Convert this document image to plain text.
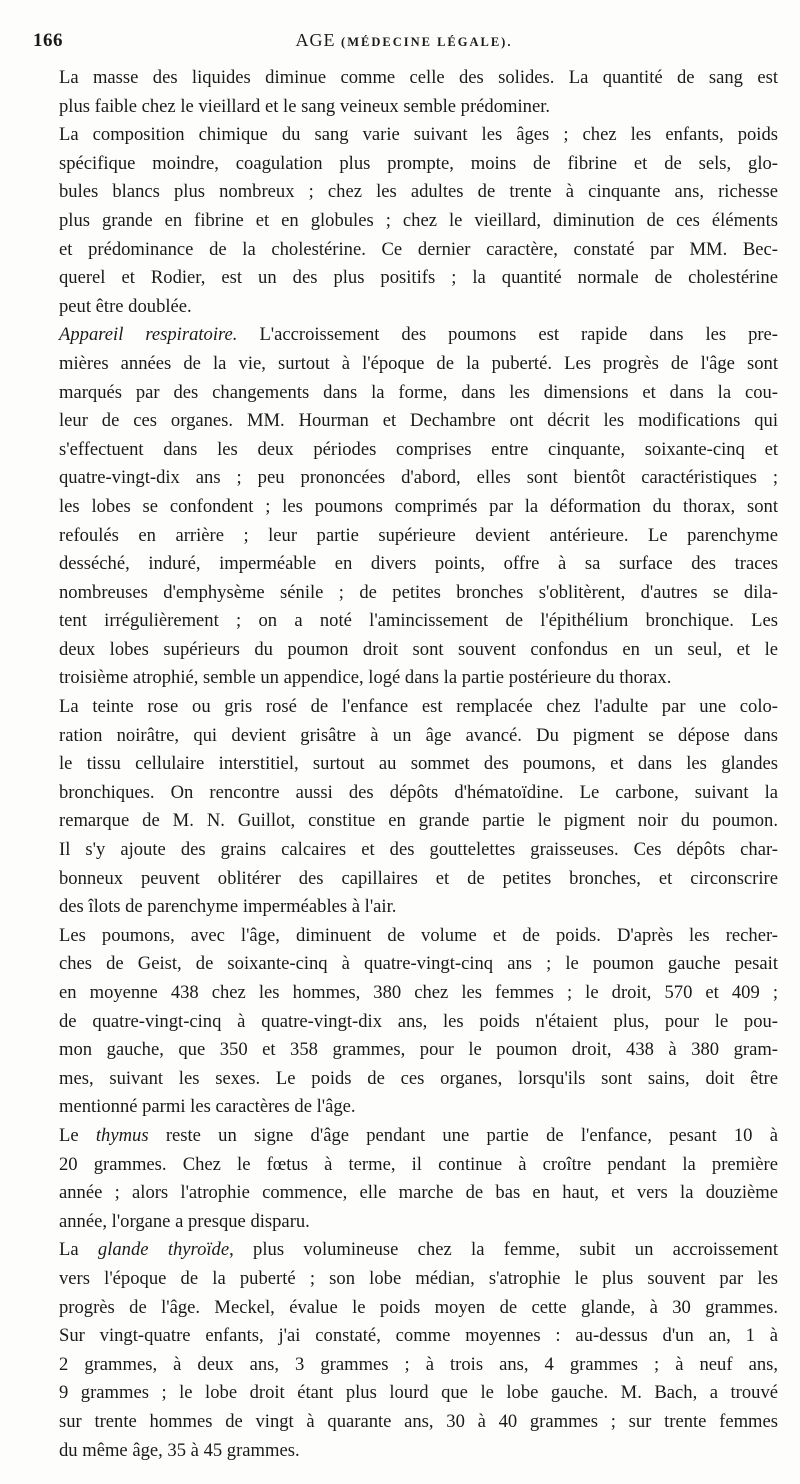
166	AGE (MÉDECINE LÉGALE).

La masse des liquides diminue comme celle des solides. La quantité de sang est
plus faible chez le vieillard et le sang veineux semble prédominer.

La composition chimique du sang varie suivant les âges ; chez les enfants, poids
spécifique moindre, coagulation plus prompte, moins de fibrine et de sels, glo-
bules blancs plus nombreux ; chez les adultes de trente à cinquante ans, richesse
plus grande en fibrine et en globules ; chez le vieillard, diminution de ces éléments
et prédominance de la cholestérine. Ce dernier caractère, constaté par MM. Bec-
querel et Rodier, est un des plus positifs ; la quantité normale de cholestérine
peut être doublée.

Appareil respiratoire. L'accroissement des poumons est rapide dans les pre-
mières années de la vie, surtout à l'époque de la puberté. Les progrès de l'âge sont
marqués par des changements dans la forme, dans les dimensions et dans la cou-
leur de ces organes. MM. Hourman et Dechambre ont décrit les modifications qui
s'effectuent dans les deux périodes comprises entre cinquante, soixante-cinq et
quatre-vingt-dix ans ; peu prononcées d'abord, elles sont bientôt caractéristiques ;
les lobes se confondent ; les poumons comprimés par la déformation du thorax, sont
refoulés en arrière ; leur partie supérieure devient antérieure. Le parenchyme
desséché, induré, imperméable en divers points, offre à sa surface des traces
nombreuses d'emphysème sénile ; de petites bronches s'oblitèrent, d'autres se dila-
tent irrégulièrement ; on a noté l'amincissement de l'épithélium bronchique. Les
deux lobes supérieurs du poumon droit sont souvent confondus en un seul, et le
troisième atrophié, semble un appendice, logé dans la partie postérieure du thorax.

La teinte rose ou gris rosé de l'enfance est remplacée chez l'adulte par une colo-
ration noirâtre, qui devient grisâtre à un âge avancé. Du pigment se dépose dans
le tissu cellulaire interstitiel, surtout au sommet des poumons, et dans les glandes
bronchiques. On rencontre aussi des dépôts d'hématoïdine. Le carbone, suivant la
remarque de M. N. Guillot, constitue en grande partie le pigment noir du poumon.
Il s'y ajoute des grains calcaires et des gouttelettes graisseuses. Ces dépôts char-
bonneux peuvent oblitérer des capillaires et de petites bronches, et circonscrire
des îlots de parenchyme imperméables à l'air.

Les poumons, avec l'âge, diminuent de volume et de poids. D'après les recher-
ches de Geist, de soixante-cinq à quatre-vingt-cinq ans ; le poumon gauche pesait
en moyenne 438 chez les hommes, 380 chez les femmes ; le droit, 570 et 409 ;
de quatre-vingt-cinq à quatre-vingt-dix ans, les poids n'étaient plus, pour le pou-
mon gauche, que 350 et 358 grammes, pour le poumon droit, 438 à 380 gram-
mes, suivant les sexes. Le poids de ces organes, lorsqu'ils sont sains, doit être
mentionné parmi les caractères de l'âge.

Le thymus reste un signe d'âge pendant une partie de l'enfance, pesant 10 à
20 grammes. Chez le fœtus à terme, il continue à croître pendant la première
année ; alors l'atrophie commence, elle marche de bas en haut, et vers la douzième
année, l'organe a presque disparu.

La glande thyroïde, plus volumineuse chez la femme, subit un accroissement
vers l'époque de la puberté ; son lobe médian, s'atrophie le plus souvent par les
progrès de l'âge. Meckel, évalue le poids moyen de cette glande, à 30 grammes.
Sur vingt-quatre enfants, j'ai constaté, comme moyennes : au-dessus d'un an, 1 à
2 grammes, à deux ans, 3 grammes ; à trois ans, 4 grammes ; à neuf ans,
9 grammes ; le lobe droit étant plus lourd que le lobe gauche. M. Bach, a trouvé
sur trente hommes de vingt à quarante ans, 30 à 40 grammes ; sur trente femmes
du même âge, 35 à 45 grammes.
